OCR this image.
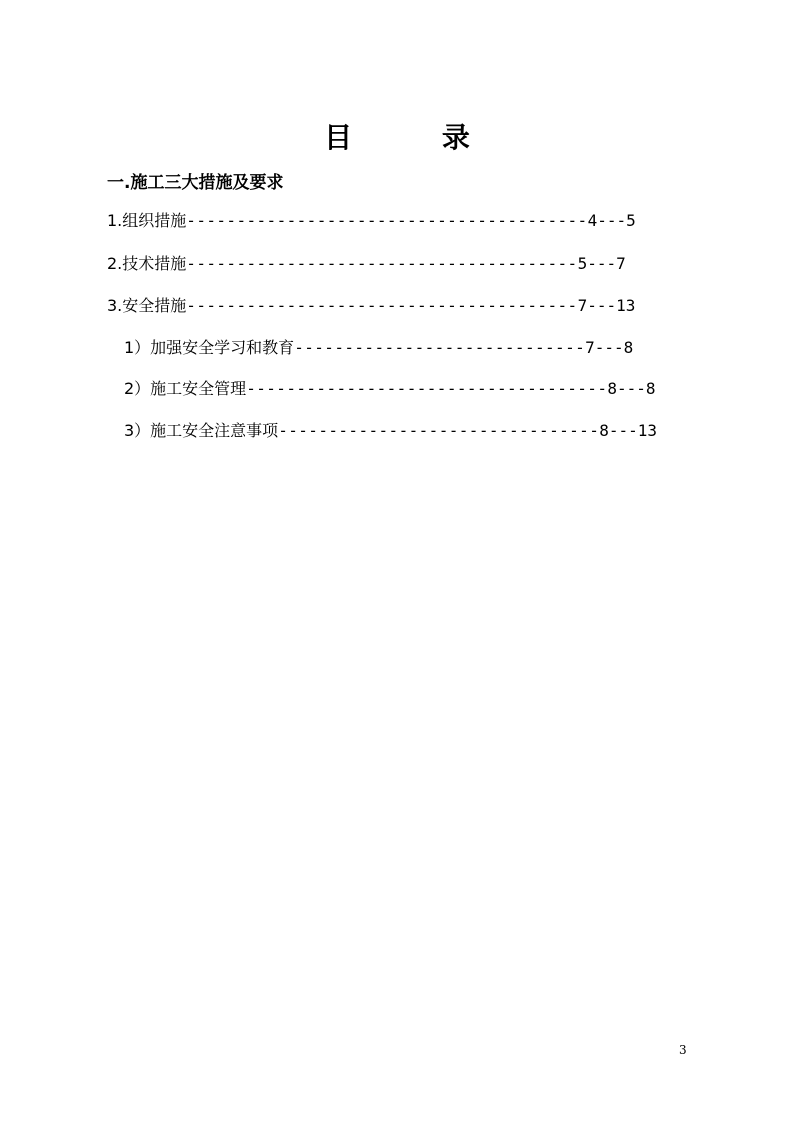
目 录
一.施工三大措施及要求
1.组织措施----------------------------------------4---5
2.技术措施---------------------------------------5---7
3.安全措施---------------------------------------7---13
1）加强安全学习和教育-----------------------------7---8
2）施工安全管理------------------------------------8---8
3）施工安全注意事项--------------------------------8---13
3
